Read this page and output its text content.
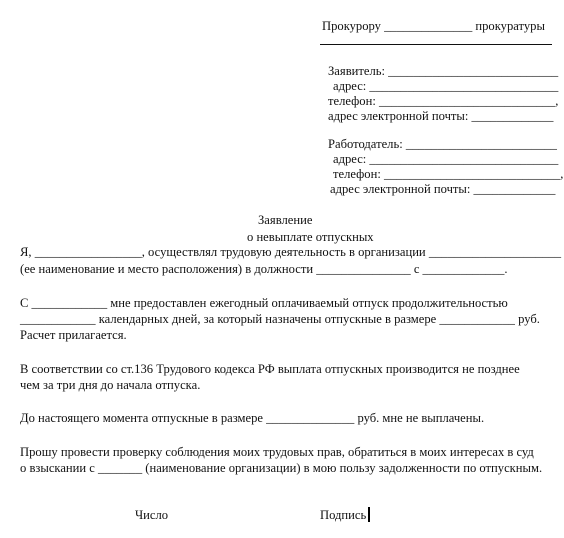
Прокурору ______________ прокуратуры

Заявитель: ___________________________

адрес: ______________________________

телефон: ____________________________,

адрес электронной почты: _____________

Работодатель: ________________________

адрес: ______________________________

телефон: ____________________________,

адрес электронной почты: _____________

Заявление

о невыплате отпускных

Я, _________________, осуществлял трудовую деятельность в организации _____________________

(ее наименование и место расположения) в должности _______________ с _____________.

С ____________ мне предоставлен ежегодный оплачиваемый отпуск продолжительностью

____________ календарных дней, за который назначены отпускные в размере ____________ руб.

Расчет прилагается.

В соответствии со ст.136 Трудового кодекса РФ выплата отпускных производится не позднее

чем за три дня до начала отпуска.

До настоящего момента отпускные в размере ______________ руб. мне не выплачены.

Прошу провести проверку соблюдения моих трудовых прав, обратиться в моих интересах в суд

о взыскании с _______ (наименование организации) в мою пользу задолженности по отпускным.

Число	Подпись
